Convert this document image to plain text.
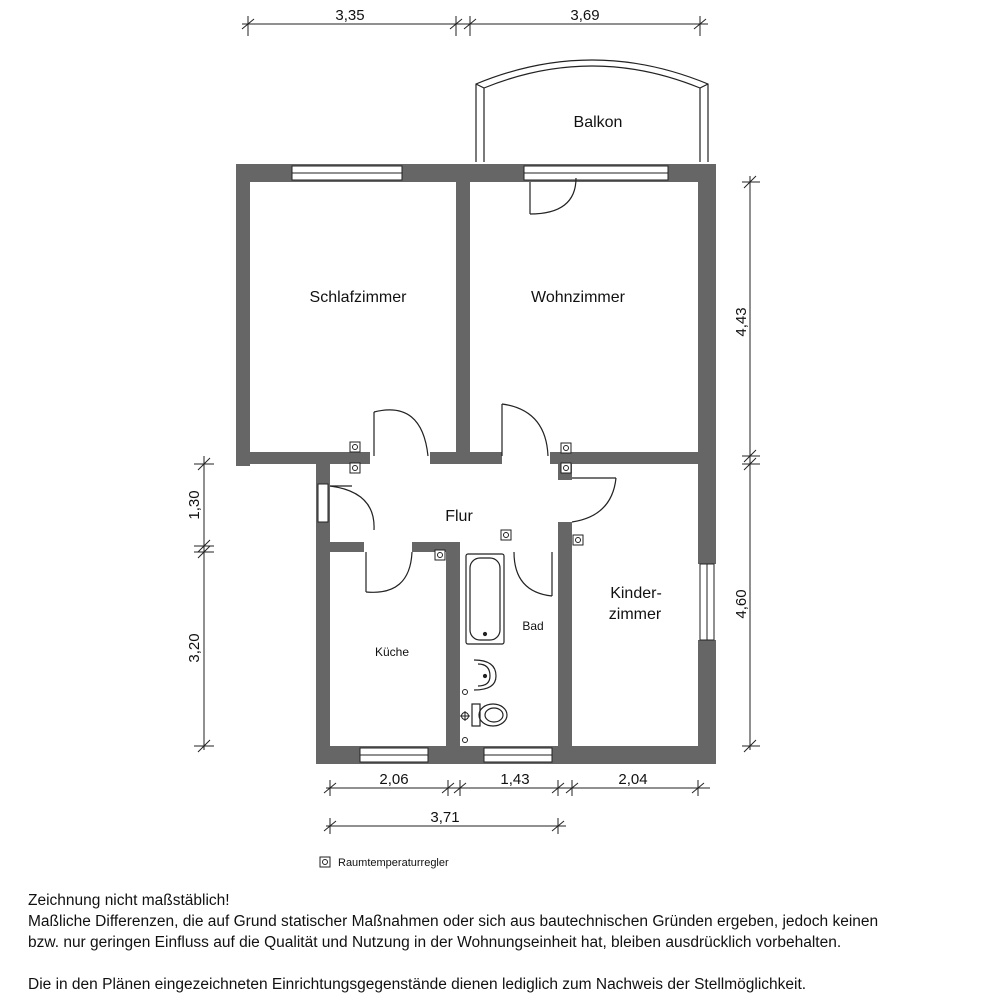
Balkon
Schlafzimmer	Wohnzimmer
Flur
Küche
Bad
Kinder-
zimmer
3,35	3,69
4,43
4,60
1,30
3,20
2,06	1,43	2,04
3,71
Raumtemperaturregler

Zeichnung nicht maßstäblich!

Maßliche Differenzen, die auf Grund statischer Maßnahmen oder sich aus bautechnischen Gründen ergeben, jedoch keinen

bzw. nur geringen Einfluss auf die Qualität und Nutzung in der Wohnungseinheit hat, bleiben ausdrücklich vorbehalten.

Die in den Plänen eingezeichneten Einrichtungsgegenstände dienen lediglich zum Nachweis der Stellmöglichkeit.
